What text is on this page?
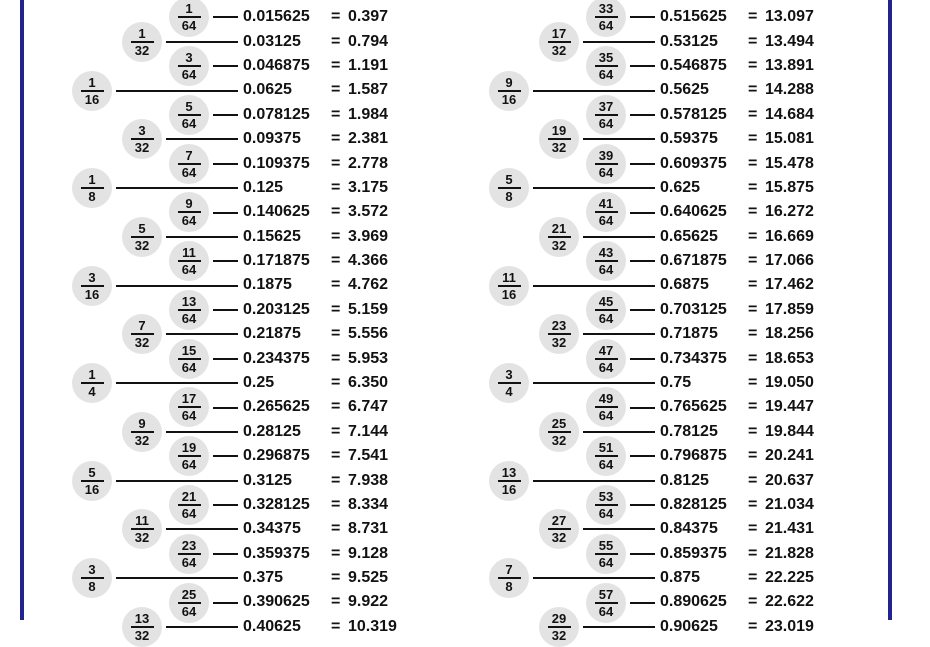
$\frac{1}{64}$	0.015625 = 0.397
$\frac{1}{32}$	0.03125 = 0.794
$\frac{3}{64}$	0.046875 = 1.191
$\frac{1}{16}$	0.0625 = 1.587
$\frac{5}{64}$	0.078125 = 1.984
$\frac{3}{32}$	0.09375 = 2.381
$\frac{7}{64}$	0.109375 = 2.778
$\frac{1}{8}$	0.125	= 3.175
$\frac{9}{64}$	0.140625 = 3.572
$\frac{5}{32}$	0.15625 = 3.969
$\frac{11}{64}$	0.171875 = 4.366
$\frac{3}{16}$	0.1875 = 4.762
$\frac{13}{64}$	0.203125 = 5.159
$\frac{7}{32}$	0.21875 = 5.556
$\frac{15}{64}$	0.234375 = 5.953
$\frac{1}{4}$	0.25	= 6.350
$\frac{17}{64}$	0.265625 = 6.747
$\frac{9}{32}$	0.28125 = 7.144
$\frac{19}{64}$	0.296875 = 7.541
$\frac{5}{16}$	0.3125 = 7.938
$\frac{21}{64}$	0.328125 = 8.334
$\frac{11}{32}$	0.34375 = 8.731
$\frac{23}{64}$	0.359375 = 9.128
$\frac{3}{8}$	0.375	= 9.525
$\frac{25}{64}$	0.390625 = 9.922
$\frac{13}{32}$	0.40625 = 10.319
$\frac{33}{64}$	0.515625 = 13.097
$\frac{17}{32}$	0.53125 = 13.494
$\frac{35}{64}$	0.546875 = 13.891
$\frac{9}{16}$	0.5625 = 14.288
$\frac{37}{64}$	0.578125 = 14.684
$\frac{19}{32}$	0.59375 = 15.081
$\frac{39}{64}$	0.609375 = 15.478
$\frac{5}{8}$	0.625	= 15.875
$\frac{41}{64}$	0.640625 = 16.272
$\frac{21}{32}$	0.65625 = 16.669
$\frac{43}{64}$	0.671875 = 17.066
$\frac{11}{16}$	0.6875 = 17.462
$\frac{45}{64}$	0.703125 = 17.859
$\frac{23}{32}$	0.71875 = 18.256
$\frac{47}{64}$	0.734375 = 18.653
$\frac{3}{4}$	0.75	= 19.050
$\frac{49}{64}$	0.765625 = 19.447
$\frac{25}{32}$	0.78125 = 19.844
$\frac{51}{64}$	0.796875 = 20.241
$\frac{13}{16}$	0.8125 = 20.637
$\frac{53}{64}$	0.828125 = 21.034
$\frac{27}{32}$	0.84375 = 21.431
$\frac{55}{64}$	0.859375 = 21.828
$\frac{7}{8}$	0.875	= 22.225
$\frac{57}{64}$	0.890625 = 22.622
$\frac{29}{32}$	0.90625 = 23.019
